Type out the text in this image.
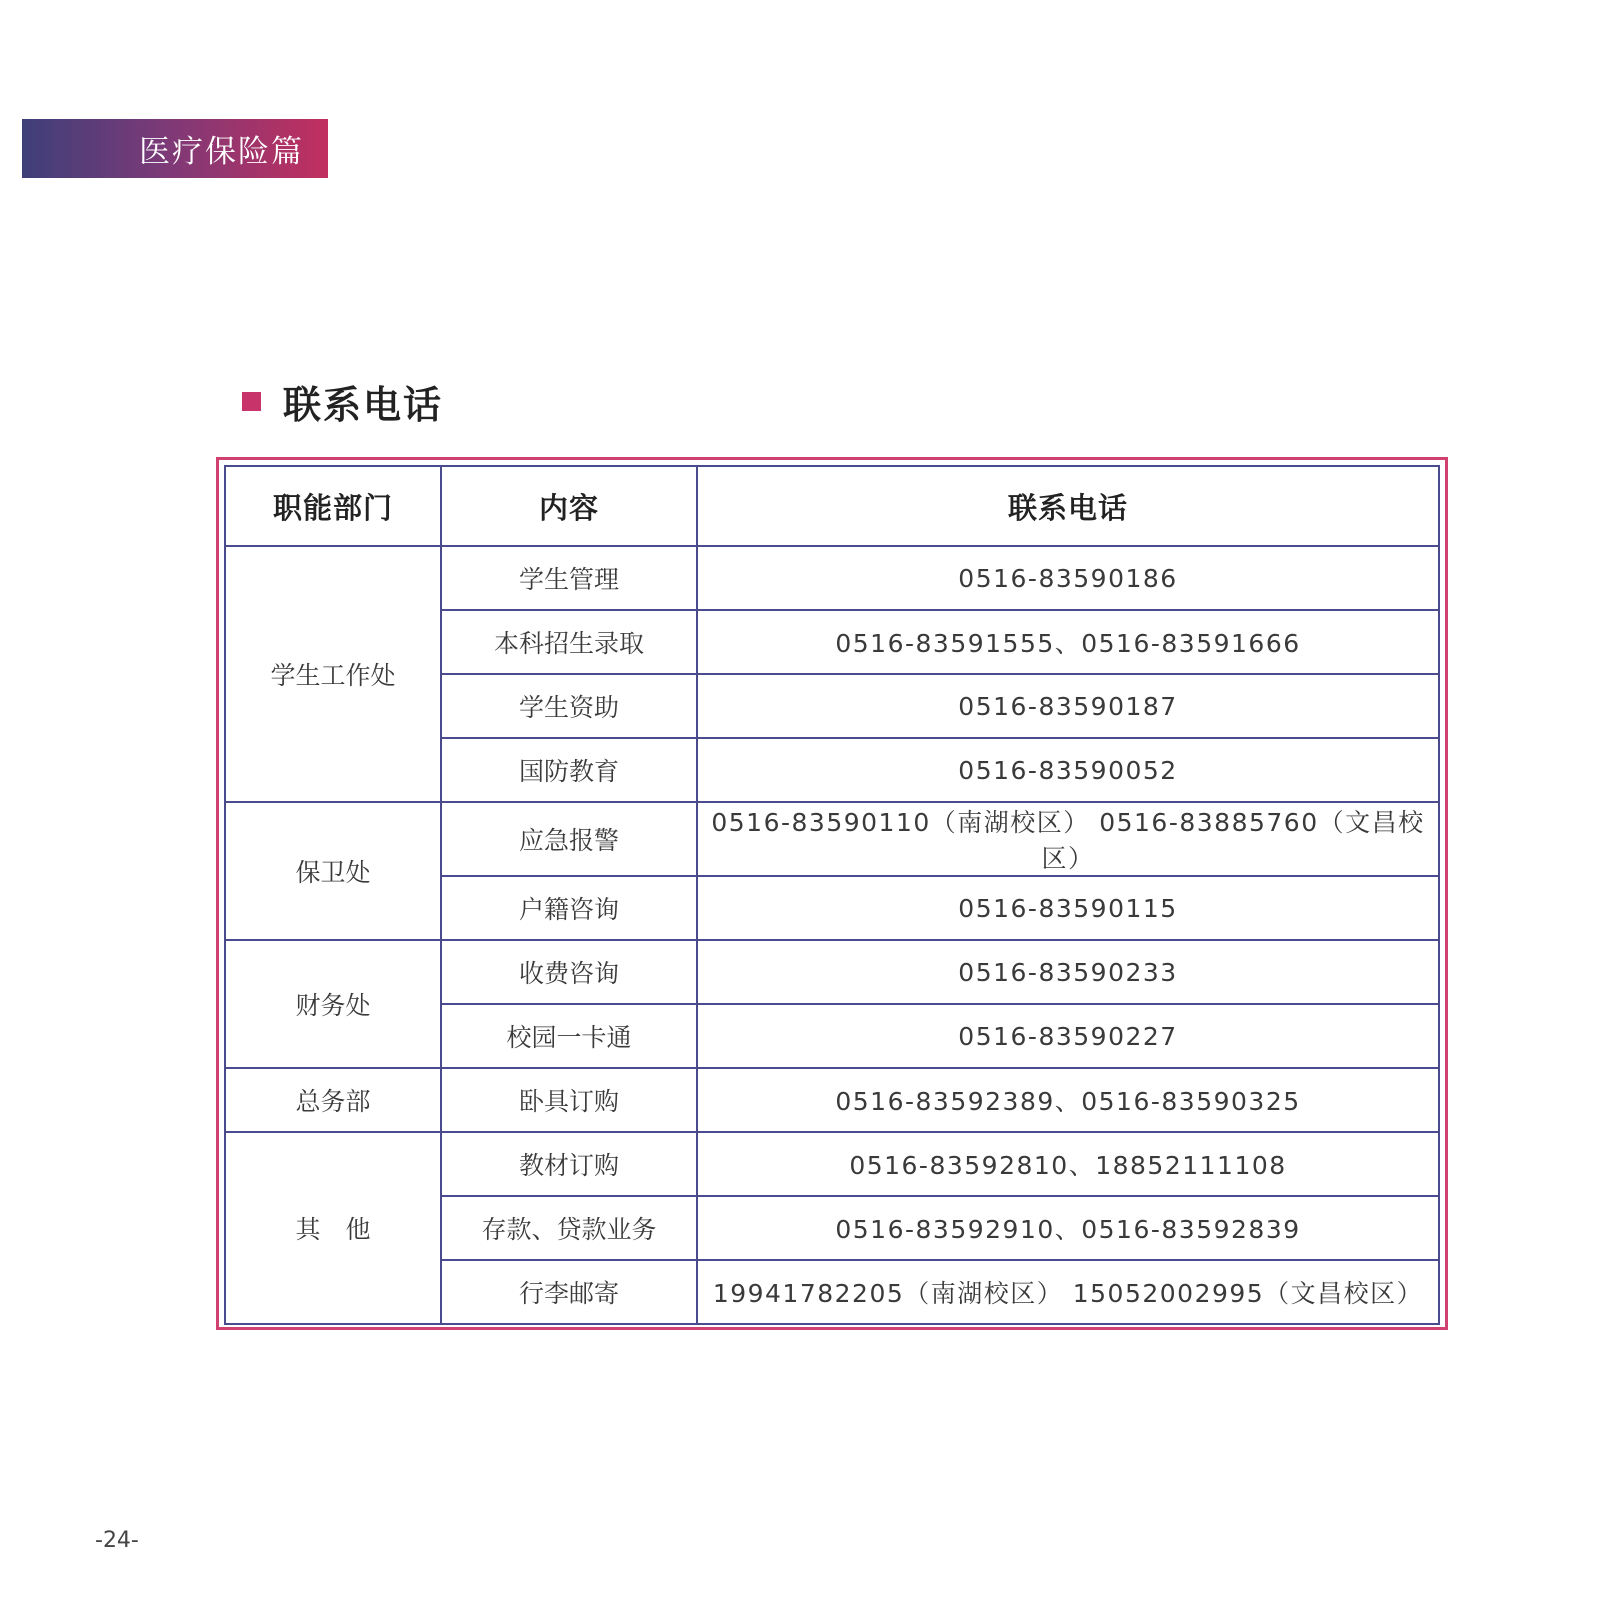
医疗保险篇
联系电话
职能部门	内容	联系电话
学生工作处	学生管理	0516-83590186
	本科招生录取	0516-83591555、0516-83591666
	学生资助	0516-83590187
	国防教育	0516-83590052
保卫处	应急报警	0516-83590110（南湖校区） 0516-83885760（文昌校区）
	户籍咨询	0516-83590115
财务处	收费咨询	0516-83590233
	校园一卡通	0516-83590227
总务部	卧具订购	0516-83592389、0516-83590325
其　他	教材订购	0516-83592810、18852111108
	存款、贷款业务	0516-83592910、0516-83592839
	行李邮寄	19941782205（南湖校区） 15052002995（文昌校区）
-24-
